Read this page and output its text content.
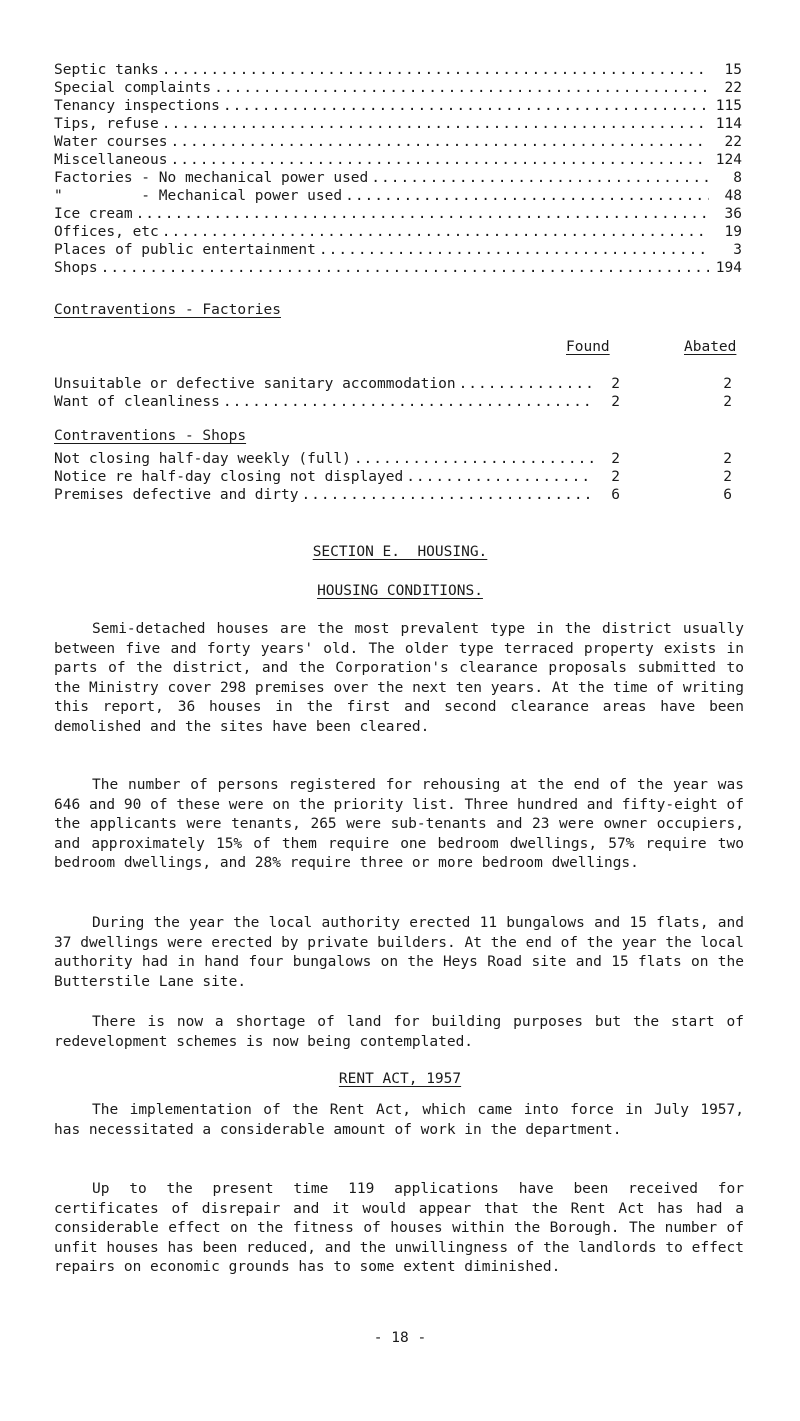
Septic tanks .....	15
Special complaints .....	22
Tenancy inspections .....	115
Tips, refuse .....	114
Water courses .....	22
Miscellaneous .....	124
Factories - No mechanical power used .....	8
"         - Mechanical power used .....	48
Ice cream .....	36
Offices, etc .....	19
Places of public entertainment .....	3
Shops .....	194
Contraventions - Factories
Found	Abated
Unsuitable or defective sanitary accommodation .....	2	2
Want of cleanliness .....	2	2
Contraventions - Shops
Not closing half-day weekly (full) .....	2	2
Notice re half-day closing not displayed .....	2	2
Premises defective and dirty .....	6	6
SECTION E.  HOUSING.
HOUSING CONDITIONS.

Semi-detached houses are the most prevalent type in the district usually between five and forty years' old. The older type terraced property exists in parts of the district, and the Corporation's clearance proposals submitted to the Ministry cover 298 premises over the next ten years. At the time of writing this report, 36 houses in the first and second clearance areas have been demolished and the sites have been cleared.

The number of persons registered for rehousing at the end of the year was 646 and 90 of these were on the priority list. Three hundred and fifty-eight of the applicants were tenants, 265 were sub-tenants and 23 were owner occupiers, and approximately 15% of them require one bedroom dwellings, 57% require two bedroom dwellings, and 28% require three or more bedroom dwellings.

During the year the local authority erected 11 bungalows and 15 flats, and 37 dwellings were erected by private builders. At the end of the year the local authority had in hand four bungalows on the Heys Road site and 15 flats on the Butterstile Lane site.

There is now a shortage of land for building purposes but the start of redevelopment schemes is now being contemplated.

RENT ACT, 1957

The implementation of the Rent Act, which came into force in July 1957, has necessitated a considerable amount of work in the department.

Up to the present time 119 applications have been received for certificates of disrepair and it would appear that the Rent Act has had a considerable effect on the fitness of houses within the Borough. The number of unfit houses has been reduced, and the unwillingness of the landlords to effect repairs on economic grounds has to some extent diminished.

- 18 -
